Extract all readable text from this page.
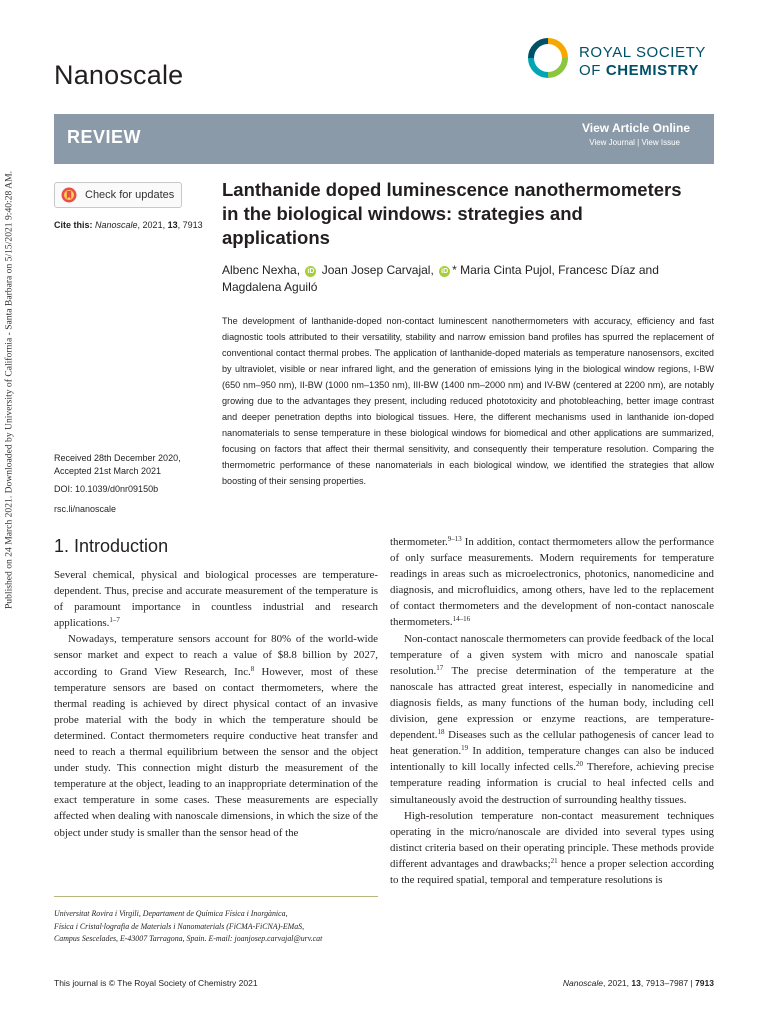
Published on 24 March 2021. Downloaded by University of California - Santa Barbara on 5/15/2021 9:40:28 AM.
Nanoscale
ROYAL SOCIETY
OF CHEMISTRY
REVIEW	View Article Online
View Journal | View Issue
Check for updates
Cite this: Nanoscale, 2021, 13, 7913
Lanthanide doped luminescence nanothermometers in the biological windows: strategies and applications
Albenc Nexha, iD Joan Josep Carvajal, iD * Maria Cinta Pujol, Francesc Díaz and Magdalena Aguiló
The development of lanthanide-doped non-contact luminescent nanothermometers with accuracy, efficiency and fast diagnostic tools attributed to their versatility, stability and narrow emission band profiles has spurred the replacement of conventional contact thermal probes. The application of lanthanide-doped materials as temperature nanosensors, excited by ultraviolet, visible or near infrared light, and the generation of emissions lying in the biological window regions, I-BW (650 nm–950 nm), II-BW (1000 nm–1350 nm), III-BW (1400 nm–2000 nm) and IV-BW (centered at 2200 nm), are notably growing due to the advantages they present, including reduced phototoxicity and photobleaching, better image contrast and deeper penetration depths into biological tissues. Here, the different mechanisms used in lanthanide ion-doped nanomaterials to sense temperature in these biological windows for biomedical and other applications are summarized, focusing on factors that affect their thermal sensitivity, and consequently their temperature resolution. Comparing the thermometric performance of these nanomaterials in each biological window, we identified the strategies that allow boosting of their sensing properties.
Received 28th December 2020,
Accepted 21st March 2021
DOI: 10.1039/d0nr09150b
rsc.li/nanoscale
1. Introduction

Several chemical, physical and biological processes are temperature-dependent. Thus, precise and accurate measurement of the temperature is of paramount importance in countless industrial and research applications.$^{1-7}$

Nowadays, temperature sensors account for 80% of the world-wide sensor market and expect to reach a value of $8.8 billion by 2027, according to Grand View Research, Inc.$^8$ However, most of these temperature sensors are based on contact thermometers, where the thermal reading is achieved by direct physical contact of an invasive probe material with the body in which the temperature should be determined. Contact thermometers require conductive heat transfer and need to reach a thermal equilibrium between the sensor and the object under study. This connection might disturb the measurement of the temperature at the object, leading to an inappropriate determination of the exact temperature in some cases. These measurements are especially affected when dealing with nanoscale dimensions, in which the size of the object under study is smaller than the sensor head of the

thermometer.$^{9-13}$ In addition, contact thermometers allow the performance of only surface measurements. Modern requirements for temperature readings in areas such as microelectronics, photonics, nanomedicine and diagnosis, and microfluidics, among others, have led to the replacement of contact thermometers and the development of non-contact nanoscale thermometers.$^{14-16}$

Non-contact nanoscale thermometers can provide feedback of the local temperature of a given system with micro and nanoscale spatial resolution.$^{17}$ The precise determination of the temperature at the nanoscale has attracted great interest, especially in nanomedicine and diagnosis fields, as many functions of the human body, including cell division, gene expression or enzyme reactions, are temperature-dependent.$^{18}$ Diseases such as the cellular pathogenesis of cancer lead to heat generation.$^{19}$ In addition, temperature changes can also be induced intentionally to kill locally infected cells.$^{20}$ Therefore, achieving precise temperature reading information is crucial to heal infected cells and simultaneously avoid the destruction of surrounding healthy tissues.

High-resolution temperature non-contact measurement techniques operating in the micro/nanoscale are divided into several types using distinct criteria based on their operating principle. These methods provide different advantages and drawbacks;$^{21}$ hence a proper selection according to the required spatial, temporal and temperature resolutions is

Universitat Rovira i Virgili, Departament de Química Física i Inorgànica,
Física i Cristal·lografia de Materials i Nanomaterials (FiCMA-FiCNA)-EMaS,
Campus Sescelades, E-43007 Tarragona, Spain. E-mail: joanjosep.carvajal@urv.cat
This journal is © The Royal Society of Chemistry 2021	Nanoscale, 2021, 13, 7913–7987 | 7913
